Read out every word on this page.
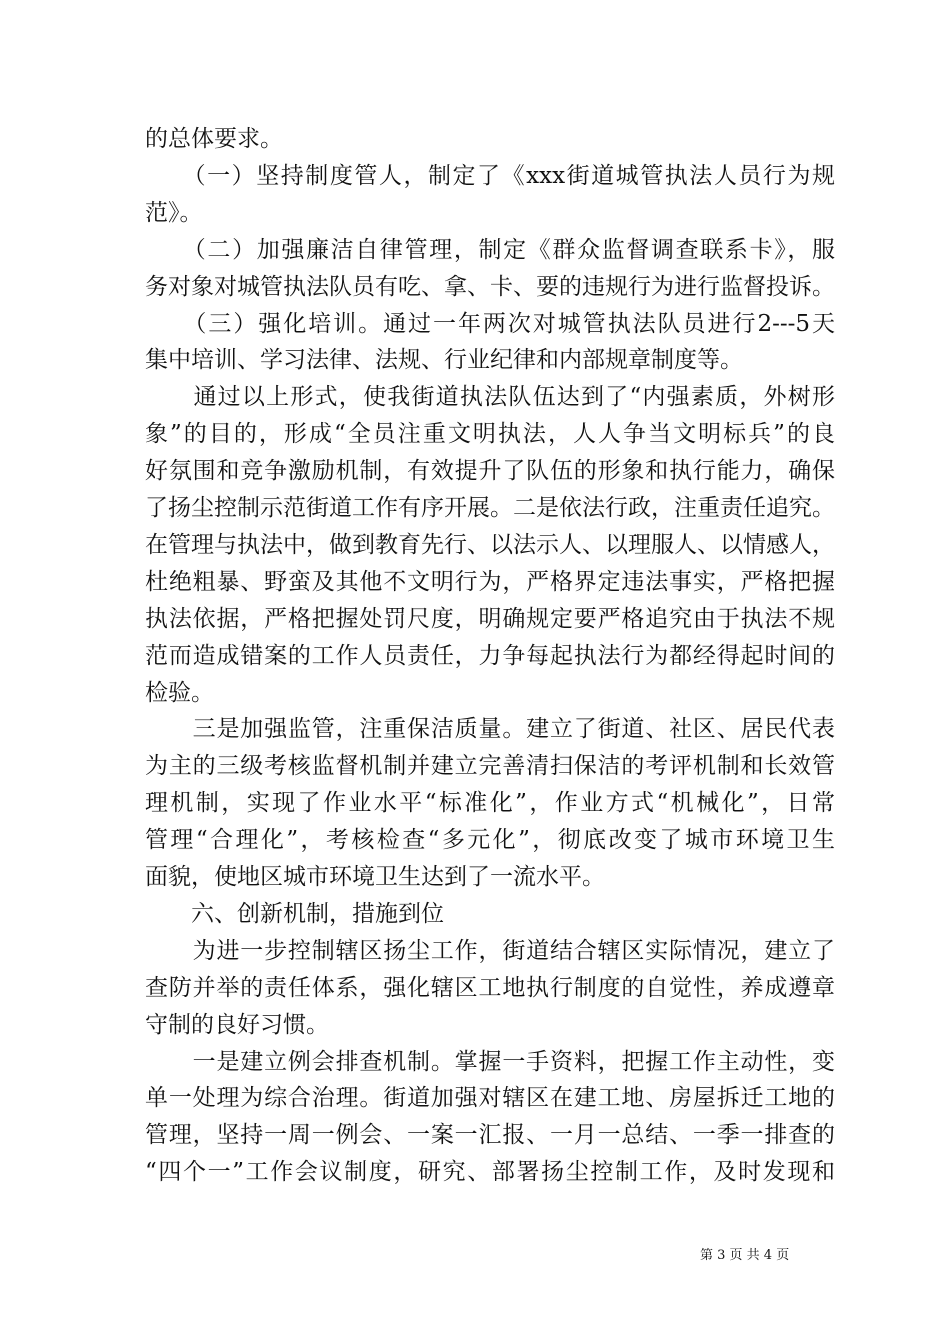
的总体要求。
　　（一）坚持制度管人，制定了《xxx街道城管执法人员行为规
范》。
　　（二）加强廉洁自律管理，制定《群众监督调查联系卡》，服
务对象对城管执法队员有吃、拿、卡、要的违规行为进行监督投诉。
　　（三）强化培训。通过一年两次对城管执法队员进行2---5天
集中培训、学习法律、法规、行业纪律和内部规章制度等。
　　通过以上形式，使我街道执法队伍达到了“内强素质，外树形
象”的目的，形成“全员注重文明执法，人人争当文明标兵”的良
好氛围和竞争激励机制，有效提升了队伍的形象和执行能力，确保
了扬尘控制示范街道工作有序开展。二是依法行政，注重责任追究。
在管理与执法中，做到教育先行、以法示人、以理服人、以情感人，
杜绝粗暴、野蛮及其他不文明行为，严格界定违法事实，严格把握
执法依据，严格把握处罚尺度，明确规定要严格追究由于执法不规
范而造成错案的工作人员责任，力争每起执法行为都经得起时间的
检验。
　　三是加强监管，注重保洁质量。建立了街道、社区、居民代表
为主的三级考核监督机制并建立完善清扫保洁的考评机制和长效管
理机制，实现了作业水平“标准化”，作业方式“机械化”，日常
管理“合理化”，考核检查“多元化”，彻底改变了城市环境卫生
面貌，使地区城市环境卫生达到了一流水平。
　　六、创新机制，措施到位
　　为进一步控制辖区扬尘工作，街道结合辖区实际情况，建立了
查防并举的责任体系，强化辖区工地执行制度的自觉性，养成遵章
守制的良好习惯。
　　一是建立例会排查机制。掌握一手资料，把握工作主动性，变
单一处理为综合治理。街道加强对辖区在建工地、房屋拆迁工地的
管理，坚持一周一例会、一案一汇报、一月一总结、一季一排查的
“四个一”工作会议制度，研究、部署扬尘控制工作，及时发现和
第 3 页 共 4 页
